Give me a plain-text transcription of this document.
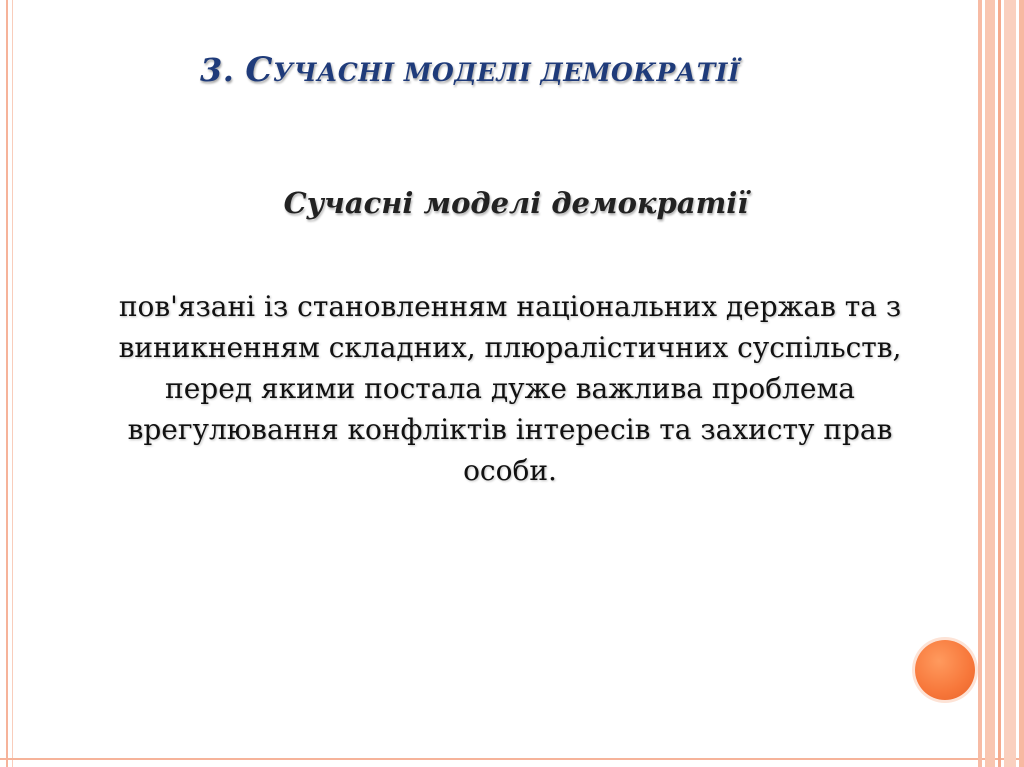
3. СУЧАСНІ МОДЕЛІ ДЕМОКРАТІЇ
Сучасні моделі демократії
пов'язані із становленням національних держав та з
виникненням складних, плюралістичних суспільств,
перед якими постала дуже важлива проблема
врегулювання конфліктів інтересів та захисту прав
особи.
